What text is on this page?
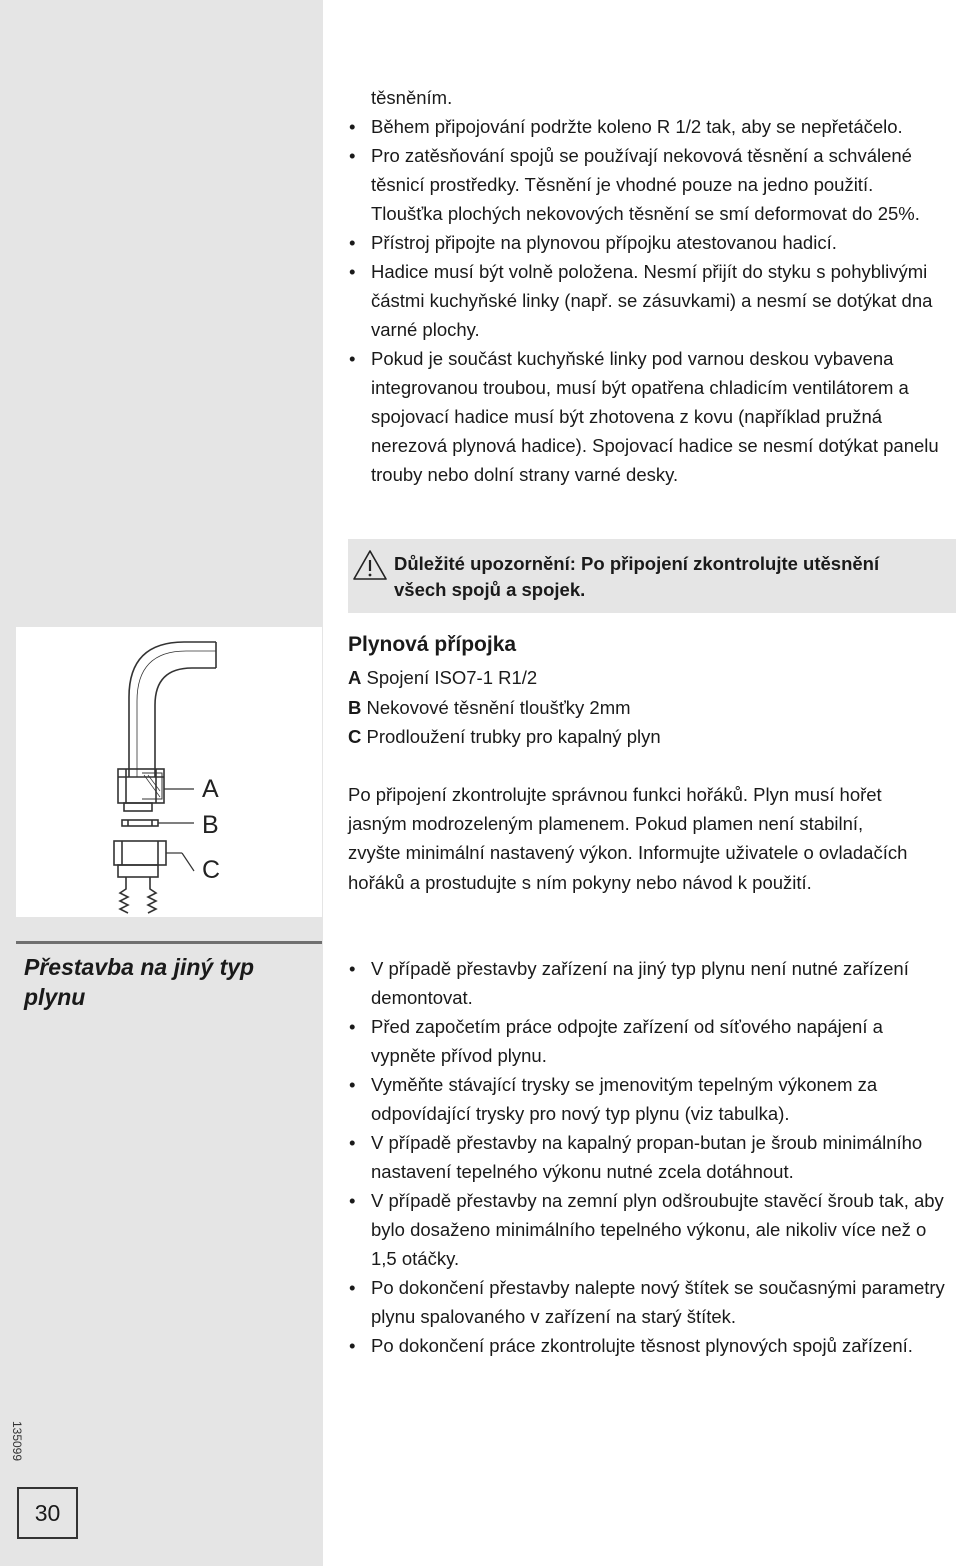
A
B
C
Přestavba na jiný typ plynu
135099
30
těsněním.
• Během připojování podržte koleno R 1/2 tak, aby se nepřetáčelo.
• Pro zatěsňování spojů se používají nekovová těsnění a schválené těsnicí prostředky. Těsnění je vhodné pouze na jedno použití. Tloušťka plochých nekovových těsnění se smí deformovat do 25%.
• Přístroj připojte na plynovou přípojku atestovanou hadicí.
• Hadice musí být volně položena. Nesmí přijít do styku s pohyblivými částmi kuchyňské linky (např. se zásuvkami) a nesmí se dotýkat dna varné plochy.
• Pokud je součást kuchyňské linky pod varnou deskou vybavena integrovanou troubou, musí být opatřena chladicím ventilátorem a spojovací hadice musí být zhotovena z kovu (například pružná nerezová plynová hadice). Spojovací hadice se nesmí dotýkat panelu trouby nebo dolní strany varné desky.
Důležité upozornění: Po připojení zkontrolujte utěsnění všech spojů a spojek.
Plynová přípojka
A Spojení ISO7-1 R1/2
B Nekovové těsnění tloušťky 2mm
C Prodloužení trubky pro kapalný plyn
Po připojení zkontrolujte správnou funkci hořáků. Plyn musí hořet jasným modrozeleným plamenem. Pokud plamen není stabilní, zvyšte minimální nastavený výkon. Informujte uživatele o ovladačích hořáků a prostudujte s ním pokyny nebo návod k použití.
• V případě přestavby zařízení na jiný typ plynu není nutné zařízení demontovat.
• Před započetím práce odpojte zařízení od síťového napájení a vypněte přívod plynu.
• Vyměňte stávající trysky se jmenovitým tepelným výkonem za odpovídající trysky pro nový typ plynu (viz tabulka).
• V případě přestavby na kapalný propan-butan je šroub minimálního nastavení tepelného výkonu nutné zcela dotáhnout.
• V případě přestavby na zemní plyn odšroubujte stavěcí šroub tak, aby bylo dosaženo minimálního tepelného výkonu, ale nikoliv více než o 1,5 otáčky.
• Po dokončení přestavby nalepte nový štítek se současnými parametry plynu spalovaného v zařízení na starý štítek.
• Po dokončení práce zkontrolujte těsnost plynových spojů zařízení.
